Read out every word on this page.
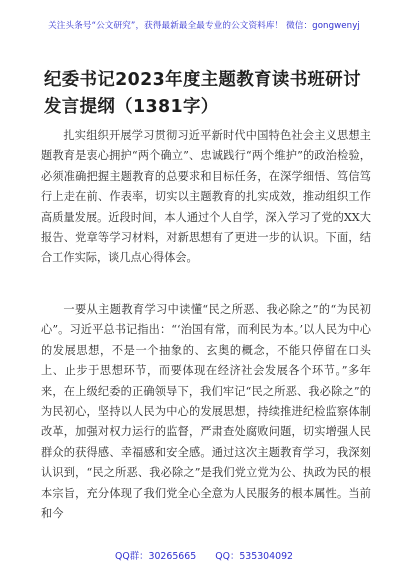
关注头条号“公文研究”，获得最新最全最专业的公文资料库！ 微信：gongwenyj
纪委书记2023年度主题教育读书班研讨发言提纲（1381字）

扎实组织开展学习贯彻习近平新时代中国特色社会主义思想主题教育是衷心拥护“两个确立”、忠诚践行“两个维护”的政治检验，必须准确把握主题教育的总要求和目标任务，在深学细悟、笃信笃行上走在前、作表率，切实以主题教育的扎实成效，推动组织工作高质量发展。近段时间，本人通过个人自学，深入学习了党的XX大报告、党章等学习材料，对新思想有了更进一步的认识。下面，结合工作实际，谈几点心得体会。

一要从主题教育学习中读懂“民之所恶、我必除之”的“为民初心”。习近平总书记指出：“‘治国有常，而利民为本。’以人民为中心的发展思想，不是一个抽象的、玄奥的概念，不能只停留在口头上、止步于思想环节，而要体现在经济社会发展各个环节。”多年来，在上级纪委的正确领导下，我们牢记“民之所恶、我必除之”的为民初心，坚持以人民为中心的发展思想，持续推进纪检监察体制改革，加强对权力运行的监督，严肃查处腐败问题，切实增强人民群众的获得感、幸福感和安全感。通过这次主题教育学习，我深刻认识到，“民之所恶、我必除之”是我们党立党为公、执政为民的根本宗旨，充分体现了我们党全心全意为人民服务的根本属性。当前和今

QQ群：30265665 QQ：535304092
